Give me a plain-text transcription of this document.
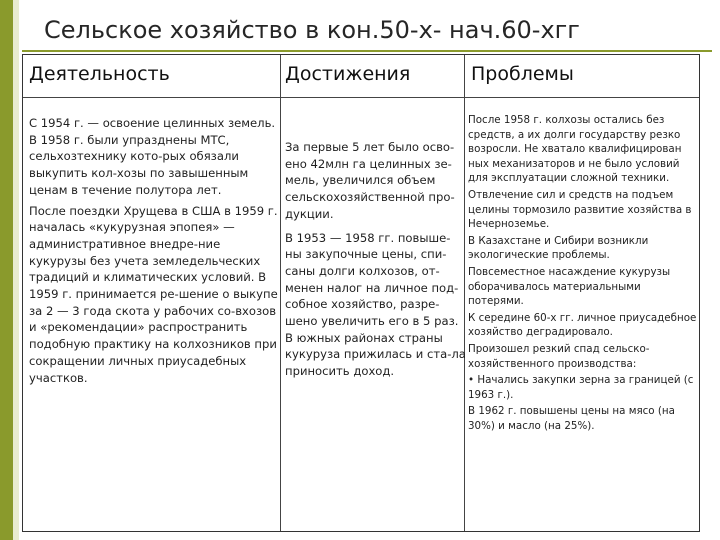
Сельское хозяйство в кон.50-х- нач.60-хгг
Деятельность	Достижения	Проблемы

С 1954 г. — освоение целинных земель. В 1958 г. были упразднены МТС, сельхозтехнику кото-рых обязали выкупить кол-хозы по завышенным ценам в течение полутора лет.

После поездки Хрущева в США в 1959 г. началась «кукурузная эпопея» — административное внедре-ние кукурузы без учета земледельческих традиций и климатических условий. В 1959 г. принимается ре-шение о выкупе за 2 — 3 года скота у рабочих со-вхозов и «рекомендации» распространить подобную практику на колхозников при сокращении личных приусадебных участков.

За первые 5 лет было осво-ено 42млн га целинных зе-мель, увеличился объем сельскохозяйственной про-дукции.

В 1953 — 1958 гг. повыше-ны закупочные цены, спи-саны долги колхозов, от-менен налог на личное под-собное хозяйство, разре-шено увеличить его в 5 раз. В южных районах страны кукуруза прижилась и ста-ла приносить доход.

После 1958 г. колхозы остались без средств, а их долги государству резко возросли. Не хватало квалифицирован ных механизаторов и не было условий для эксплуатации сложной техники.

Отвлечение сил и средств на подъем целины тормозило развитие хозяйства в Нечерноземье.

В Казахстане и Сибири возникли экологические проблемы.

Повсеместное насаждение кукурузы оборачивалось материальными потерями.

К середине 60-х гг. личное приусадебное хозяйство деградировало.

Произошел резкий спад сельско-хозяйственного производства:

• Начались закупки зерна за границей (с 1963 г.).

В 1962 г. повышены цены на мясо (на 30%) и масло (на 25%).
